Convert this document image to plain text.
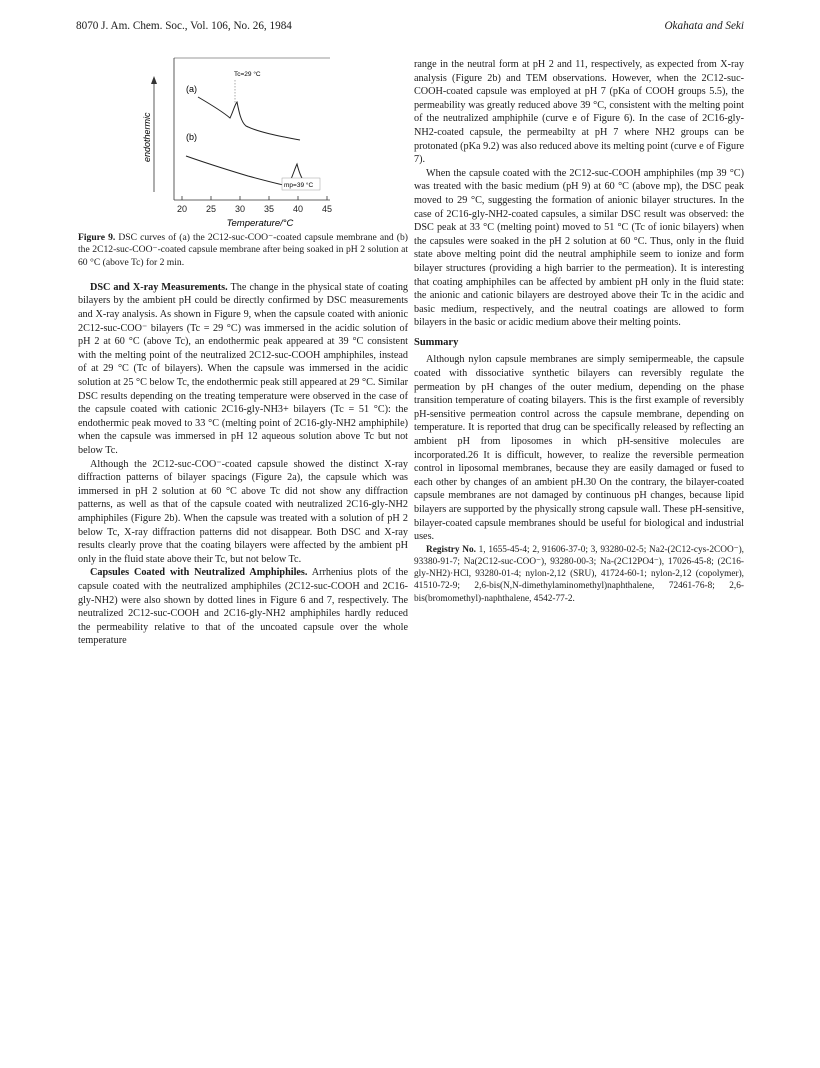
8070 J. Am. Chem. Soc., Vol. 106, No. 26, 1984	Okahata and Seki
20 25 30 35 40 45
Temperature/°C
endothermic
(a)
(b)
Tc=29 °C
mp=39 °C
Figure 9. DSC curves of (a) the 2C12-suc-COO⁻-coated capsule membrane and (b) the 2C12-suc-COO⁻-coated capsule membrane after being soaked in pH 2 solution at 60 °C (above Tc) for 2 min.

DSC and X-ray Measurements. The change in the physical state of coating bilayers by the ambient pH could be directly confirmed by DSC measurements and X-ray analysis. As shown in Figure 9, when the capsule coated with anionic 2C12-suc-COO⁻ bilayers (Tc = 29 °C) was immersed in the acidic solution of pH 2 at 60 °C (above Tc), an endothermic peak appeared at 39 °C consistent with the melting point of the neutralized 2C12-suc-COOH amphiphiles, instead of at 29 °C (Tc of bilayers). When the capsule was immersed in the acidic solution at 25 °C below Tc, the endothermic peak still appeared at 29 °C. Similar DSC results depending on the treating temperature were observed in the case of the capsule coated with cationic 2C16-gly-NH3+ bilayers (Tc = 51 °C): the endothermic peak moved to 33 °C (melting point of 2C16-gly-NH2 amphiphile) when the capsule was immersed in pH 12 aqueous solution above Tc but not below Tc.

Although the 2C12-suc-COO⁻-coated capsule showed the distinct X-ray diffraction patterns of bilayer spacings (Figure 2a), the capsule which was immersed in pH 2 solution at 60 °C above Tc did not show any diffraction patterns, as well as that of the capsule coated with neutralized 2C16-gly-NH2 amphiphiles (Figure 2b). When the capsule was treated with a solution of pH 2 below Tc, X-ray diffraction patterns did not disappear. Both DSC and X-ray results clearly prove that the coating bilayers were affected by the ambient pH only in the fluid state above their Tc, but not below Tc.

Capsules Coated with Neutralized Amphiphiles. Arrhenius plots of the capsule coated with the neutralized amphiphiles (2C12-suc-COOH and 2C16-gly-NH2) were also shown by dotted lines in Figure 6 and 7, respectively. The neutralized 2C12-suc-COOH and 2C16-gly-NH2 amphiphiles hardly reduced the permeability relative to that of the uncoated capsule over the whole temperature

range in the neutral form at pH 2 and 11, respectively, as expected from X-ray analysis (Figure 2b) and TEM observations. However, when the 2C12-suc-COOH-coated capsule was employed at pH 7 (pKa of COOH groups 5.5), the permeability was greatly reduced above 39 °C, consistent with the melting point of the neutralized amphiphile (curve e of Figure 6). In the case of 2C16-gly-NH2-coated capsule, the permeabilty at pH 7 where NH2 groups can be protonated (pKa 9.2) was also reduced above its melting point (curve e of Figure 7).

When the capsule coated with the 2C12-suc-COOH amphiphiles (mp 39 °C) was treated with the basic medium (pH 9) at 60 °C (above mp), the DSC peak moved to 29 °C, suggesting the formation of anionic bilayer structures. In the case of 2C16-gly-NH2-coated capsules, a similar DSC result was observed: the DSC peak at 33 °C (melting point) moved to 51 °C (Tc of ionic bilayers) when the capsules were soaked in the pH 2 solution at 60 °C. Thus, only in the fluid state above melting point did the neutral amphiphile seem to ionize and form bilayer structures (providing a high barrier to the permeation). It is interesting that coating amphiphiles can be affected by ambient pH only in the fluid state: the anionic and cationic bilayers are destroyed above their Tc in the acidic and basic medium, respectively, and the neutral coatings are allowed to form bilayers in the basic or acidic medium above their melting points.

Summary

Although nylon capsule membranes are simply semipermeable, the capsule coated with dissociative synthetic bilayers can reversibly regulate the permeation by pH changes of the outer medium, depending on the phase transition temperature of coating bilayers. This is the first example of reversibly pH-sensitive permeation control across the capsule membrane, depending on temperature. It is reported that drug can be specifically released by reflecting an ambient pH from liposomes in which pH-sensitive molecules are incorporated.26 It is difficult, however, to realize the reversible permeation control in liposomal membranes, because they are easily damaged or fused to each other by changes of an ambient pH.30 On the contrary, the bilayer-coated capsule membranes are not damaged by continuous pH changes, because lipid bilayers are supported by the physically strong capsule wall. These pH-sensitive, bilayer-coated capsule membranes should be useful for biological and industrial uses.

Registry No. 1, 1655-45-4; 2, 91606-37-0; 3, 93280-02-5; Na2-(2C12-cys-2COO⁻), 93380-91-7; Na(2C12-suc-COO⁻), 93280-00-3; Na-(2C12PO4⁻), 17026-45-8; (2C16-gly-NH2)·HCl, 93280-01-4; nylon-2,12 (SRU), 41724-60-1; nylon-2,12 (copolymer), 41510-72-9; 2,6-bis(N,N-dimethylaminomethyl)naphthalene, 72461-76-8; 2,6-bis(bromomethyl)-naphthalene, 4542-77-2.
